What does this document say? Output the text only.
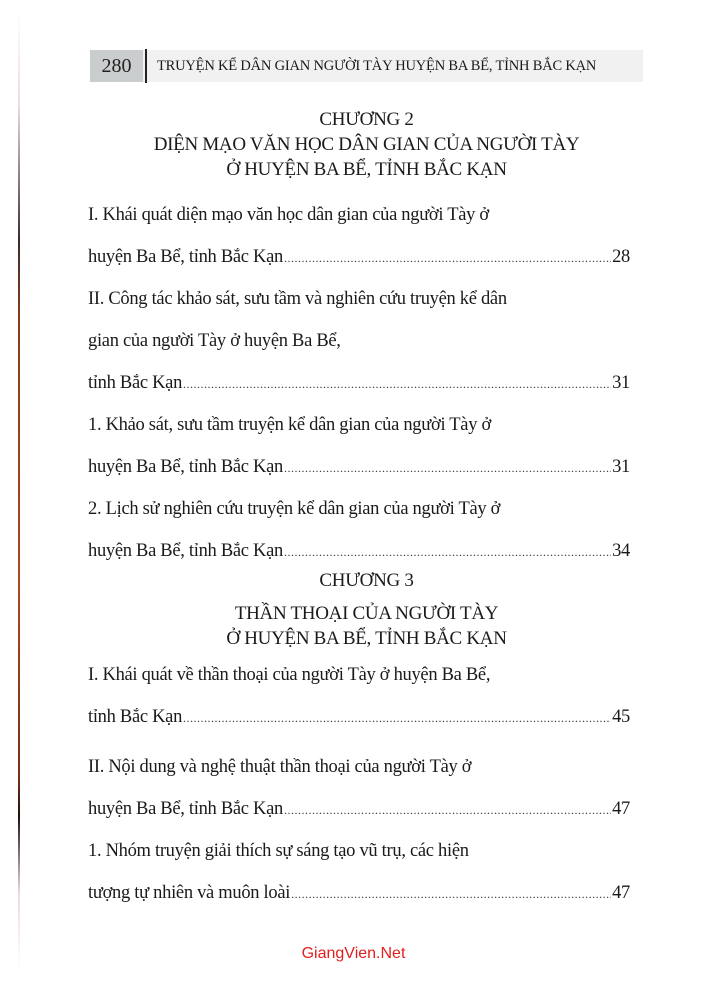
280	TRUYỆN KỂ DÂN GIAN NGƯỜI TÀY HUYỆN BA BỂ, TỈNH BẮC KẠN
CHƯƠNG 2
DIỆN MẠO VĂN HỌC DÂN GIAN CỦA NGƯỜI TÀY
Ở HUYỆN BA BỂ, TỈNH BẮC KẠN
I. Khái quát diện mạo văn học dân gian của người Tày ở
huyện Ba Bể, tỉnh Bắc Kạn .....	28
II. Công tác khảo sát, sưu tầm và nghiên cứu truyện kể dân
gian của người Tày ở huyện Ba Bể,
tỉnh Bắc Kạn .....	31
1. Khảo sát, sưu tầm truyện kể dân gian của người Tày ở
huyện Ba Bể, tỉnh Bắc Kạn .....	31
2. Lịch sử nghiên cứu truyện kể dân gian của người Tày ở
huyện Ba Bể, tỉnh Bắc Kạn .....	34
CHƯƠNG 3
THẦN THOẠI CỦA NGƯỜI TÀY
Ở HUYỆN BA BỂ, TỈNH BẮC KẠN
I. Khái quát về thần thoại của người Tày ở huyện Ba Bể,
tỉnh Bắc Kạn .....	45
II. Nội dung và nghệ thuật thần thoại của người Tày ở
huyện Ba Bể, tỉnh Bắc Kạn .....	47
1. Nhóm truyện giải thích sự sáng tạo vũ trụ, các hiện
tượng tự nhiên và muôn loài .....	47
GiangVien.Net
